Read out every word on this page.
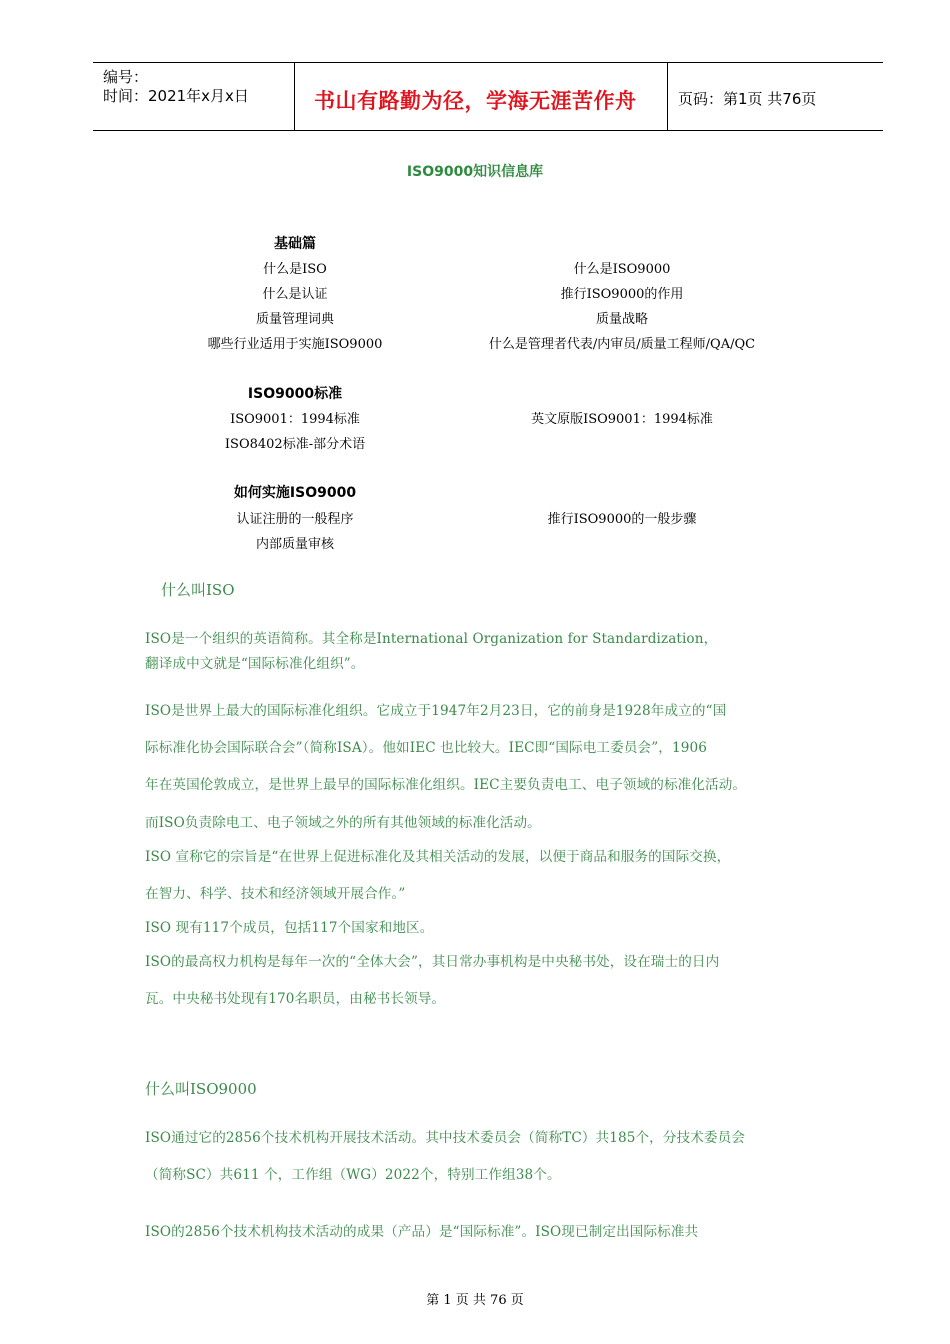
编号：
时间：2021年x月x日	书山有路勤为径，学海无涯苦作舟	页码：第1页 共76页
ISO9000知识信息库
基础篇
什么是ISO	什么是ISO9000
什么是认证	推行ISO9000的作用
质量管理词典	质量战略
哪些行业适用于实施ISO9000	什么是管理者代表/内审员/质量工程师/QA/QC
ISO9000标准
ISO9001：1994标准	英文原版ISO9001：1994标准
ISO8402标准-部分术语
如何实施ISO9000
认证注册的一般程序	推行ISO9000的一般步骤
内部质量审核
什么叫ISO
ISO是一个组织的英语简称。其全称是International Organization for Standardization，
翻译成中文就是“国际标准化组织”。
ISO是世界上最大的国际标准化组织。它成立于1947年2月23日，它的前身是1928年成立的“国
际标准化协会国际联合会”（简称ISA）。他如IEC 也比较大。IEC即“国际电工委员会”，1906
年在英国伦敦成立，是世界上最早的国际标准化组织。IEC主要负责电工、电子领域的标准化活动。
而ISO负责除电工、电子领域之外的所有其他领域的标准化活动。
ISO 宣称它的宗旨是“在世界上促进标准化及其相关活动的发展，以便于商品和服务的国际交换，
在智力、科学、技术和经济领域开展合作。”
ISO 现有117个成员，包括117个国家和地区。
ISO的最高权力机构是每年一次的“全体大会”，其日常办事机构是中央秘书处，设在瑞士的日内
瓦。中央秘书处现有170名职员，由秘书长领导。
什么叫ISO9000
ISO通过它的2856个技术机构开展技术活动。其中技术委员会（简称TC）共185个，分技术委员会
（简称SC）共611 个，工作组（WG）2022个，特别工作组38个。
ISO的2856个技术机构技术活动的成果（产品）是“国际标准”。ISO现已制定出国际标准共
第 1 页 共 76 页
